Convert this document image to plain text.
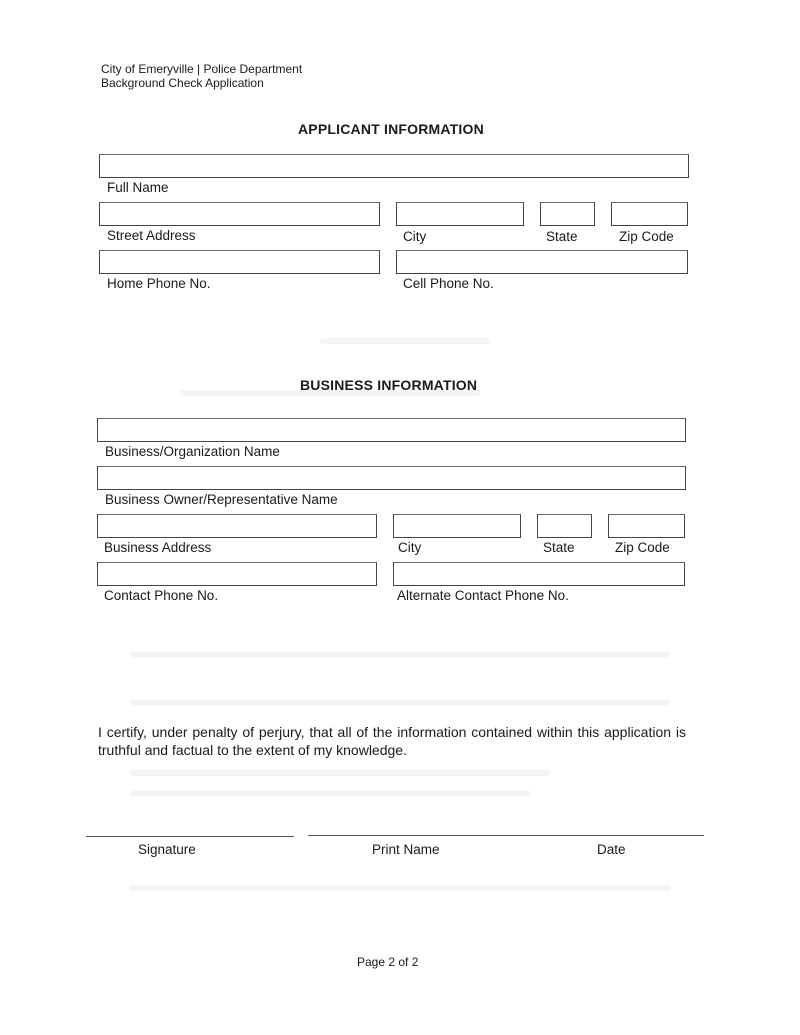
City of Emeryville | Police Department
Background Check Application
APPLICANT INFORMATION
Full Name
Street Address	City	State	Zip Code
Home Phone No.	Cell Phone No.
BUSINESS INFORMATION
Business/Organization Name
Business Owner/Representative Name
Business Address	City	State	Zip Code
Contact Phone No.	Alternate Contact Phone No.
I certify, under penalty of perjury, that all of the information contained within this application is truthful and factual to the extent of my knowledge.
Signature	Print Name	Date
Page 2 of 2
